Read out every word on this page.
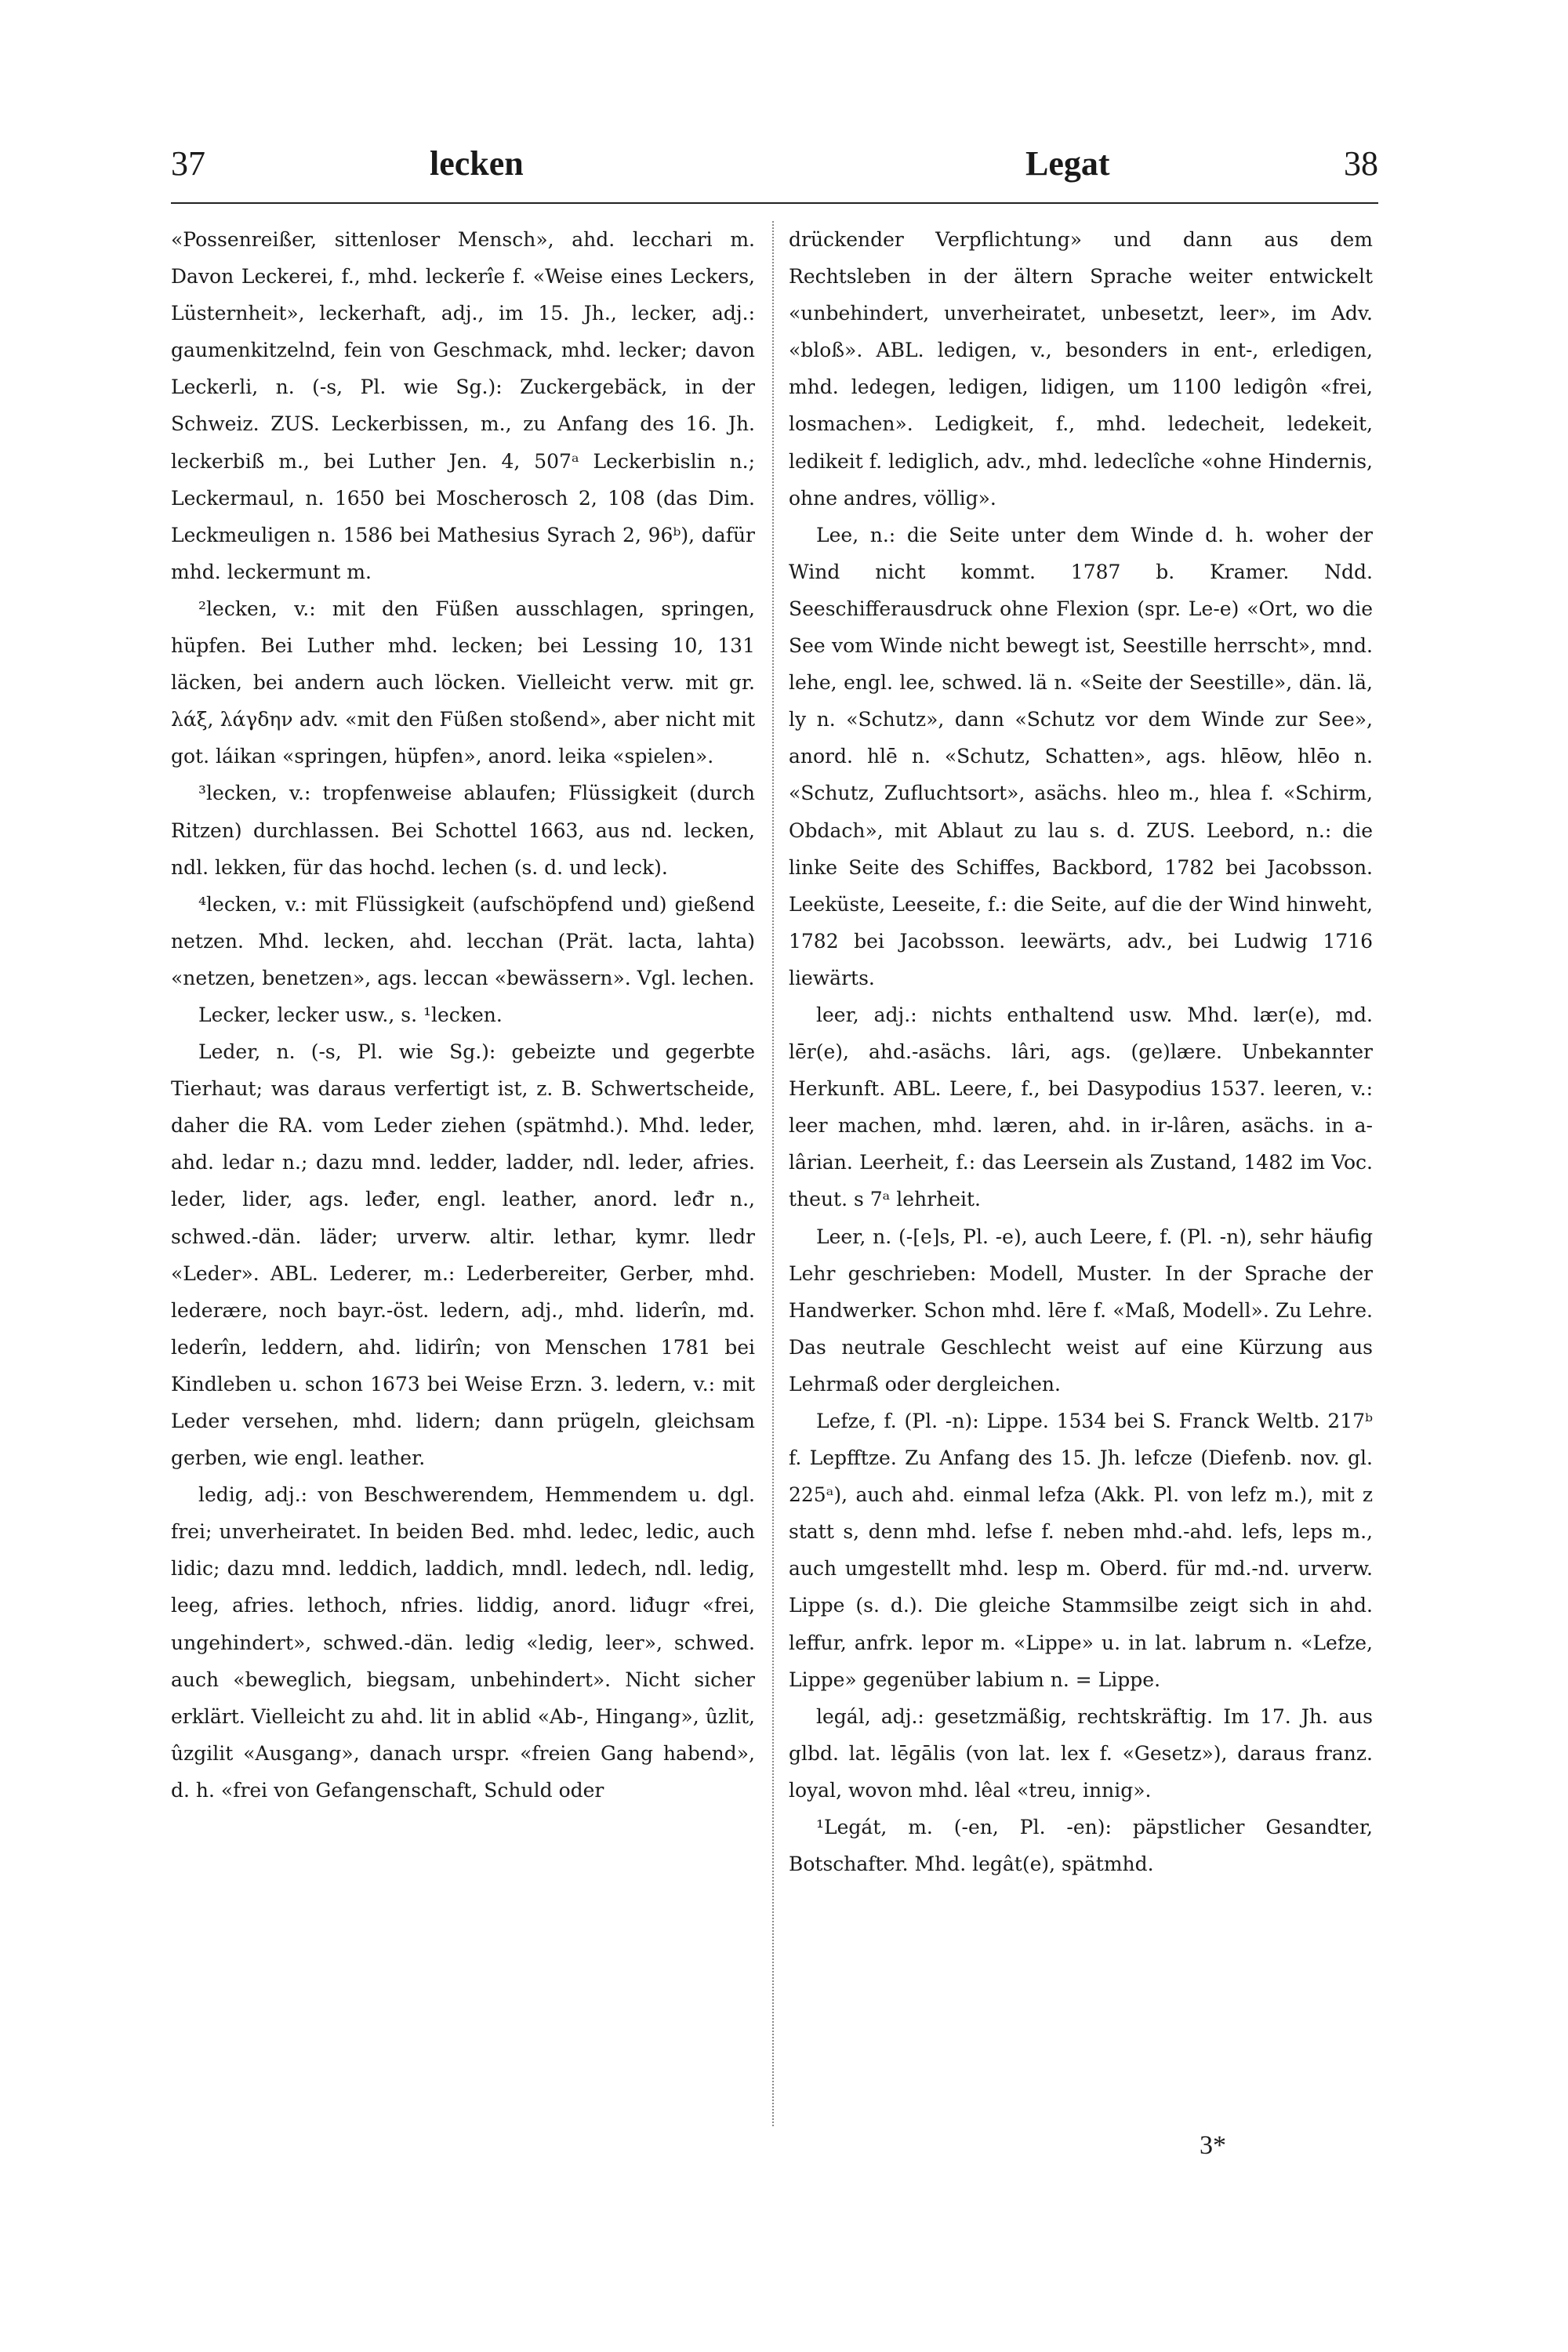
37	lecken	Legat	38

«Possenreißer, sittenloser Mensch», ahd. lecchari m. Davon Leckerei, f., mhd. leckerîe f. «Weise eines Leckers, Lüsternheit», leckerhaft, adj., im 15. Jh., lecker, adj.: gaumenkitzelnd, fein von Geschmack, mhd. lecker; davon Leckerli, n. (-s, Pl. wie Sg.): Zuckergebäck, in der Schweiz. ZUS. Leckerbissen, m., zu Anfang des 16. Jh. leckerbiß m., bei Luther Jen. 4, 507ᵃ Leckerbislin n.; Leckermaul, n. 1650 bei Moscherosch 2, 108 (das Dim. Leckmeuligen n. 1586 bei Mathesius Syrach 2, 96ᵇ), dafür mhd. leckermunt m.

²lecken, v.: mit den Füßen ausschlagen, springen, hüpfen. Bei Luther mhd. lecken; bei Lessing 10, 131 läcken, bei andern auch löcken. Vielleicht verw. mit gr. λάξ, λάγδην adv. «mit den Füßen stoßend», aber nicht mit got. láikan «springen, hüpfen», anord. leika «spielen».

³lecken, v.: tropfenweise ablaufen; Flüssigkeit (durch Ritzen) durchlassen. Bei Schottel 1663, aus nd. lecken, ndl. lekken, für das hochd. lechen (s. d. und leck).

⁴lecken, v.: mit Flüssigkeit (aufschöpfend und) gießend netzen. Mhd. lecken, ahd. lecchan (Prät. lacta, lahta) «netzen, benetzen», ags. leccan «bewässern». Vgl. lechen.

Lecker, lecker usw., s. ¹lecken.

Leder, n. (-s, Pl. wie Sg.): gebeizte und gegerbte Tierhaut; was daraus verfertigt ist, z. B. Schwertscheide, daher die RA. vom Leder ziehen (spätmhd.). Mhd. leder, ahd. ledar n.; dazu mnd. ledder, ladder, ndl. leder, afries. leder, lider, ags. leđer, engl. leather, anord. leđr n., schwed.-dän. läder; urverw. altir. lethar, kymr. lledr «Leder». ABL. Lederer, m.: Lederbereiter, Gerber, mhd. lederære, noch bayr.-öst. ledern, adj., mhd. liderîn, md. lederîn, leddern, ahd. lidirîn; von Menschen 1781 bei Kindleben u. schon 1673 bei Weise Erzn. 3. ledern, v.: mit Leder versehen, mhd. lidern; dann prügeln, gleichsam gerben, wie engl. leather.

ledig, adj.: von Beschwerendem, Hemmendem u. dgl. frei; unverheiratet. In beiden Bed. mhd. ledec, ledic, auch lidic; dazu mnd. leddich, laddich, mndl. ledech, ndl. ledig, leeg, afries. lethoch, nfries. liddig, anord. liđugr «frei, ungehindert», schwed.-dän. ledig «ledig, leer», schwed. auch «beweglich, biegsam, unbehindert». Nicht sicher erklärt. Vielleicht zu ahd. lit in ablid «Ab-, Hingang», ûzlit, ûzgilit «Ausgang», danach urspr. «freien Gang habend», d. h. «frei von Gefangenschaft, Schuld oder

drückender Verpflichtung» und dann aus dem Rechtsleben in der ältern Sprache weiter entwickelt «unbehindert, unverheiratet, unbesetzt, leer», im Adv. «bloß». ABL. ledigen, v., besonders in ent-, erledigen, mhd. ledegen, ledigen, lidigen, um 1100 ledigôn «frei, losmachen». Ledigkeit, f., mhd. ledecheit, ledekeit, ledikeit f. lediglich, adv., mhd. ledeclîche «ohne Hindernis, ohne andres, völlig».

Lee, n.: die Seite unter dem Winde d. h. woher der Wind nicht kommt. 1787 b. Kramer. Ndd. Seeschifferausdruck ohne Flexion (spr. Le-e) «Ort, wo die See vom Winde nicht bewegt ist, Seestille herrscht», mnd. lehe, engl. lee, schwed. lä n. «Seite der Seestille», dän. lä, ly n. «Schutz», dann «Schutz vor dem Winde zur See», anord. hlē n. «Schutz, Schatten», ags. hlēow, hlēo n. «Schutz, Zufluchtsort», asächs. hleo m., hlea f. «Schirm, Obdach», mit Ablaut zu lau s. d. ZUS. Leebord, n.: die linke Seite des Schiffes, Backbord, 1782 bei Jacobsson. Leeküste, Leeseite, f.: die Seite, auf die der Wind hinweht, 1782 bei Jacobsson. leewärts, adv., bei Ludwig 1716 liewärts.

leer, adj.: nichts enthaltend usw. Mhd. lær(e), md. lēr(e), ahd.-asächs. lâri, ags. (ge)lære. Unbekannter Herkunft. ABL. Leere, f., bei Dasypodius 1537. leeren, v.: leer machen, mhd. læren, ahd. in ir-lâren, asächs. in a-lârian. Leerheit, f.: das Leersein als Zustand, 1482 im Voc. theut. s 7ᵃ lehrheit.

Leer, n. (-[e]s, Pl. -e), auch Leere, f. (Pl. -n), sehr häufig Lehr geschrieben: Modell, Muster. In der Sprache der Handwerker. Schon mhd. lēre f. «Maß, Modell». Zu Lehre. Das neutrale Geschlecht weist auf eine Kürzung aus Lehrmaß oder dergleichen.

Lefze, f. (Pl. -n): Lippe. 1534 bei S. Franck Weltb. 217ᵇ f. Lepfftze. Zu Anfang des 15. Jh. lefcze (Diefenb. nov. gl. 225ᵃ), auch ahd. einmal lefza (Akk. Pl. von lefz m.), mit z statt s, denn mhd. lefse f. neben mhd.-ahd. lefs, leps m., auch umgestellt mhd. lesp m. Oberd. für md.-nd. urverw. Lippe (s. d.). Die gleiche Stammsilbe zeigt sich in ahd. leffur, anfrk. lepor m. «Lippe» u. in lat. labrum n. «Lefze, Lippe» gegenüber labium n. = Lippe.

legál, adj.: gesetzmäßig, rechtskräftig. Im 17. Jh. aus glbd. lat. lēgālis (von lat. lex f. «Gesetz»), daraus franz. loyal, wovon mhd. lêal «treu, innig».

¹Legát, m. (-en, Pl. -en): päpstlicher Gesandter, Botschafter. Mhd. legât(e), spätmhd.

3*
